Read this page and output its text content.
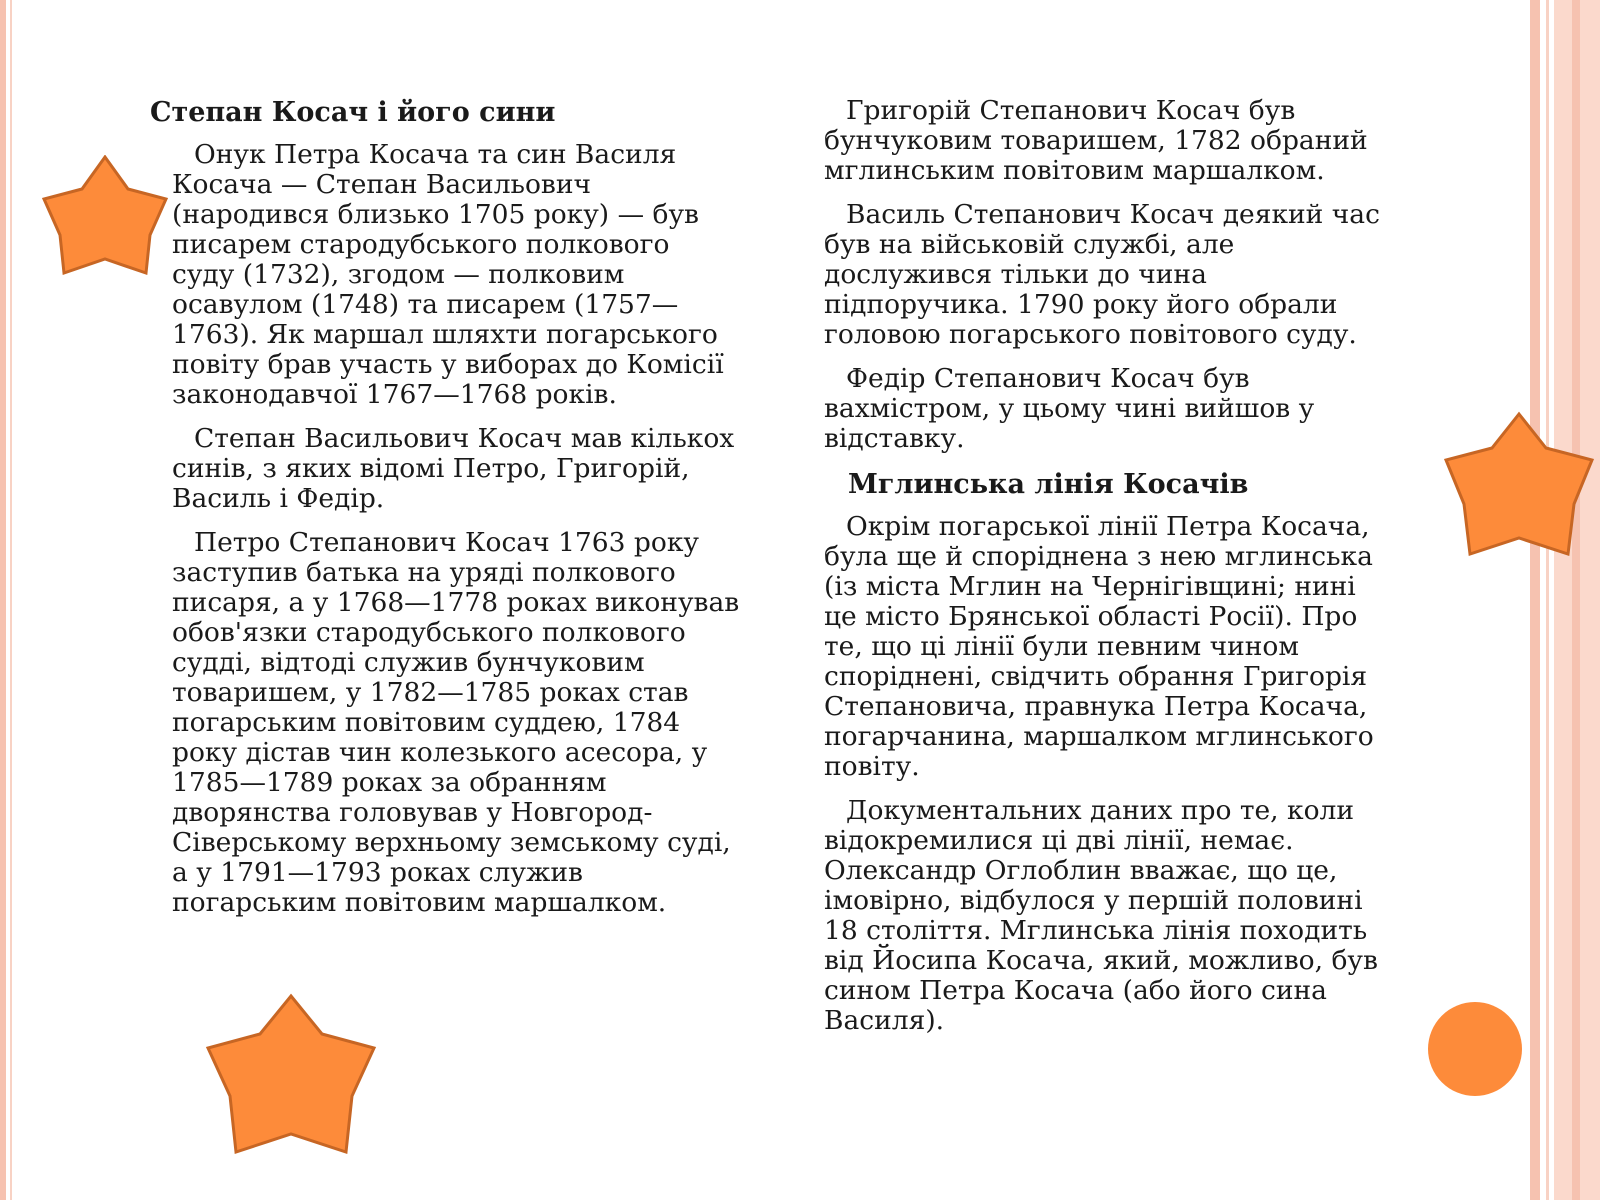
Степан Косач і його сини

Онук Петра Косача та син Василя Косача — Степан Васильович (народився близько 1705 року) — був писарем стародубського полкового суду (1732), згодом — полковим осавулом (1748) та писарем (1757—1763). Як маршал шляхти погарського повіту брав участь у виборах до Комісії законодавчої 1767—1768 років.

Степан Васильович Косач мав кількох синів, з яких відомі Петро, Григорій, Василь і Федір.

Петро Степанович Косач 1763 року заступив батька на уряді полкового писаря, а у 1768—1778 роках виконував обов'язки стародубського полкового судді, відтоді служив бунчуковим товаришем, у 1782—1785 роках став погарським повітовим суддею, 1784 року дістав чин колезького асесора, у 1785—1789 роках за обранням дворянства головував у Новгород-Сіверському верхньому земському суді, а у 1791—1793 роках служив погарським повітовим маршалком.

Григорій Степанович Косач був бунчуковим товаришем, 1782 обраний мглинським повітовим маршалком.

Василь Степанович Косач деякий час був на військовій службі, але дослужився тільки до чина підпоручика. 1790 року його обрали головою погарського повітового суду.

Федір Степанович Косач був вахмістром, у цьому чині вийшов у відставку.

Мглинська лінія Косачів

Окрім погарської лінії Петра Косача, була ще й споріднена з нею мглинська (із міста Мглин на Чернігівщині; нині це місто Брянської області Росії). Про те, що ці лінії були певним чином споріднені, свідчить обрання Григорія Степановича, правнука Петра Косача, погарчанина, маршалком мглинського повіту.

Документальних даних про те, коли відокремилися ці дві лінії, немає. Олександр Оглоблин вважає, що це, імовірно, відбулося у першій половині 18 століття. Мглинська лінія походить від Йосипа Косача, який, можливо, був сином Петра Косача (або його сина Василя).
